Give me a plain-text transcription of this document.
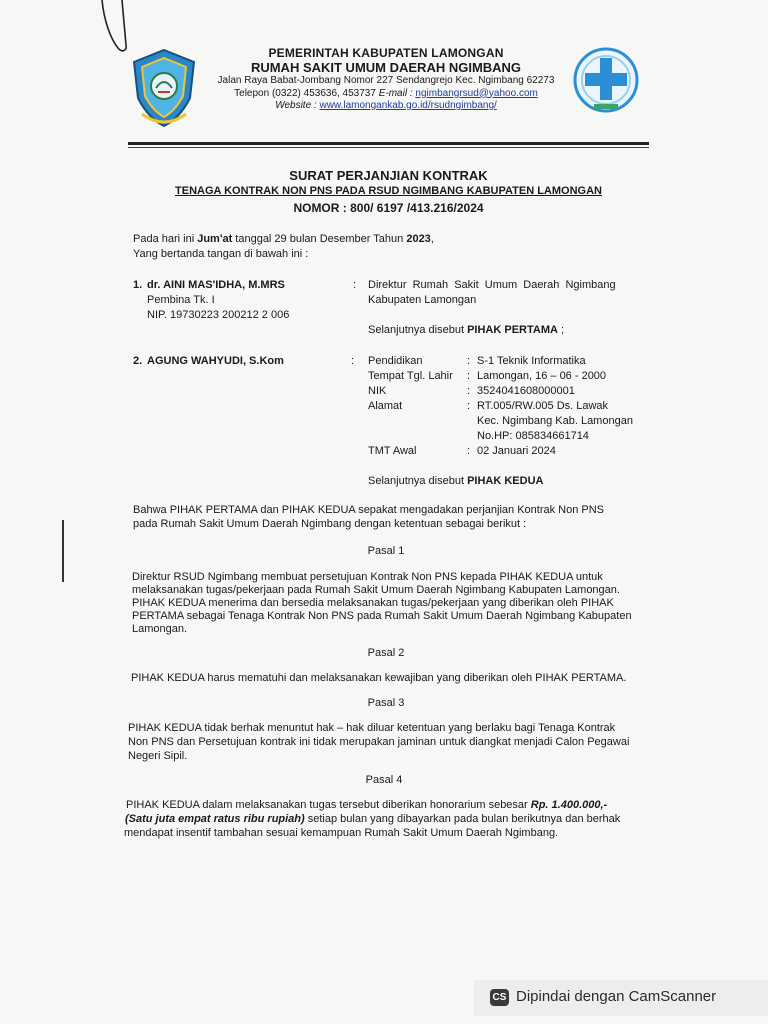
PEMERINTAH KABUPATEN LAMONGAN
RUMAH SAKIT UMUM DAERAH NGIMBANG
Jalan Raya Babat-Jombang Nomor 227 Sendangrejo Kec. Ngimbang 62273
Telepon (0322) 453636, 453737 E-mail : ngimbangrsud@yahoo.com
Website : www.lamongankab.go.id/rsudngimbang/
SURAT PERJANJIAN KONTRAK
TENAGA KONTRAK NON PNS PADA RSUD NGIMBANG KABUPATEN LAMONGAN
NOMOR : 800/ 6197 /413.216/2024
Pada hari ini Jum'at tanggal 29 bulan Desember Tahun 2023,
Yang bertanda tangan di bawah ini :
1. dr. AINI MAS'IDHA, M.MRS
Pembina Tk. I
NIP. 19730223 200212 2 006
: Direktur  Rumah  Sakit  Umum  Daerah  Ngimbang
Kabupaten Lamongan
Selanjutnya disebut PIHAK PERTAMA ;
2. AGUNG WAHYUDI, S.Kom	: Pendidikan	: S-1 Teknik Informatika
Tempat Tgl. Lahir : Lamongan, 16 – 06 - 2000
NIK	: 3524041608000001
Alamat	: RT.005/RW.005 Ds. Lawak
Kec. Ngimbang Kab. Lamongan
No.HP: 085834661714
TMT Awal	: 02 Januari 2024
Selanjutnya disebut PIHAK KEDUA
Bahwa PIHAK PERTAMA dan PIHAK KEDUA sepakat mengadakan perjanjian Kontrak Non PNS
pada Rumah Sakit Umum Daerah Ngimbang dengan ketentuan sebagai berikut :
Pasal 1
Direktur RSUD Ngimbang membuat persetujuan Kontrak Non PNS kepada PIHAK KEDUA untuk
melaksanakan tugas/pekerjaan pada Rumah Sakit Umum Daerah Ngimbang Kabupaten Lamongan.
PIHAK KEDUA menerima dan bersedia melaksanakan tugas/pekerjaan yang diberikan oleh PIHAK
PERTAMA sebagai Tenaga Kontrak Non PNS pada Rumah Sakit Umum Daerah Ngimbang Kabupaten
Lamongan.
Pasal 2
PIHAK KEDUA harus mematuhi dan melaksanakan kewajiban yang diberikan oleh PIHAK PERTAMA.
Pasal 3
PIHAK KEDUA tidak berhak menuntut hak – hak diluar ketentuan yang berlaku bagi Tenaga Kontrak
Non PNS dan Persetujuan kontrak ini tidak merupakan jaminan untuk diangkat menjadi Calon Pegawai
Negeri Sipil.
Pasal 4
PIHAK KEDUA dalam melaksanakan tugas tersebut diberikan honorarium sebesar Rp. 1.400.000,-
(Satu juta empat ratus ribu rupiah) setiap bulan yang dibayarkan pada bulan berikutnya dan berhak
mendapat insentif tambahan sesuai kemampuan Rumah Sakit Umum Daerah Ngimbang.
CS Dipindai dengan CamScanner
